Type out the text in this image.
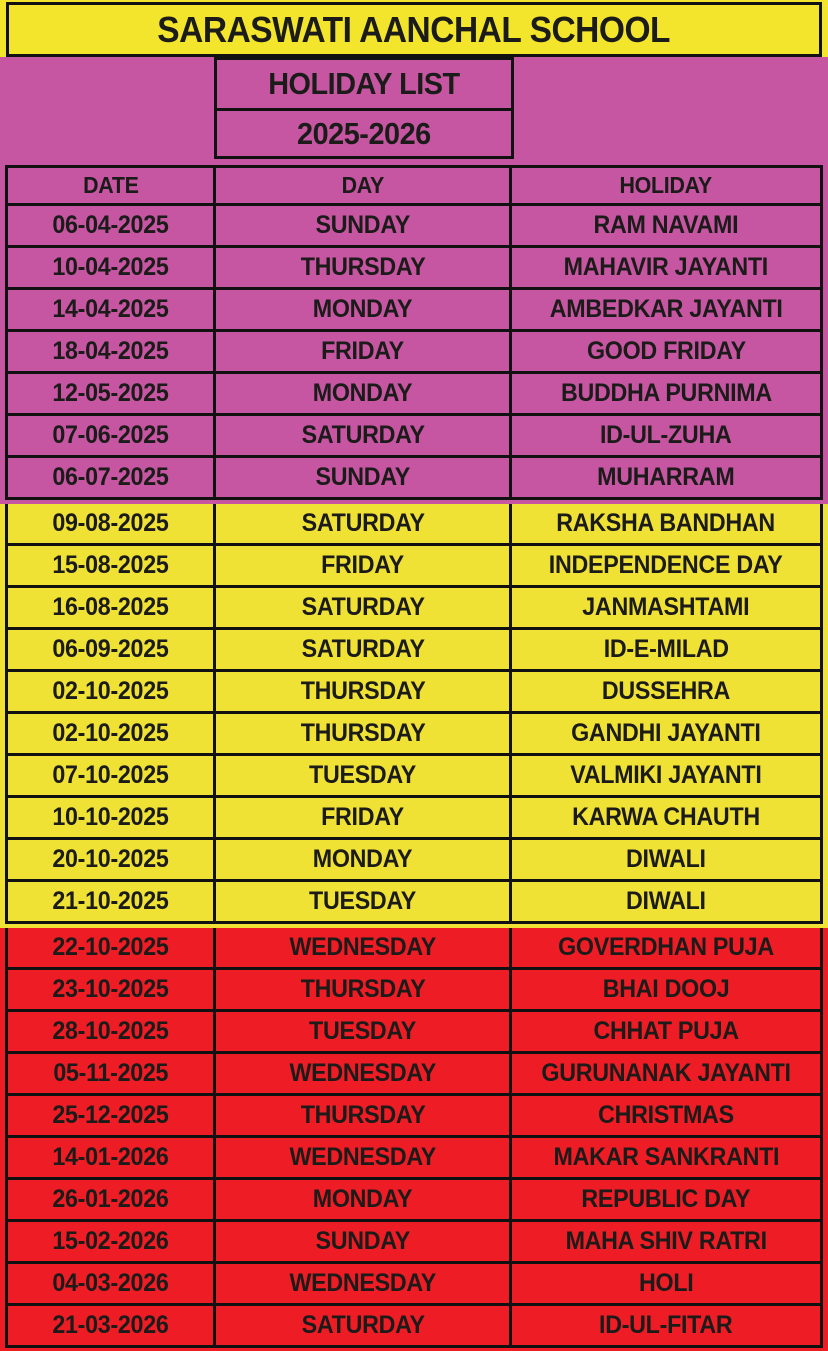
SARASWATI AANCHAL SCHOOL
HOLIDAY LIST
2025-2026
DATE	DAY	HOLIDAY
06-04-2025	SUNDAY	RAM NAVAMI
10-04-2025	THURSDAY	MAHAVIR JAYANTI
14-04-2025	MONDAY	AMBEDKAR JAYANTI
18-04-2025	FRIDAY	GOOD FRIDAY
12-05-2025	MONDAY	BUDDHA PURNIMA
07-06-2025	SATURDAY	ID-UL-ZUHA
06-07-2025	SUNDAY	MUHARRAM
09-08-2025	SATURDAY	RAKSHA BANDHAN
15-08-2025	FRIDAY	INDEPENDENCE DAY
16-08-2025	SATURDAY	JANMASHTAMI
06-09-2025	SATURDAY	ID-E-MILAD
02-10-2025	THURSDAY	DUSSEHRA
02-10-2025	THURSDAY	GANDHI JAYANTI
07-10-2025	TUESDAY	VALMIKI JAYANTI
10-10-2025	FRIDAY	KARWA CHAUTH
20-10-2025	MONDAY	DIWALI
21-10-2025	TUESDAY	DIWALI
22-10-2025	WEDNESDAY	GOVERDHAN PUJA
23-10-2025	THURSDAY	BHAI DOOJ
28-10-2025	TUESDAY	CHHAT PUJA
05-11-2025	WEDNESDAY	GURUNANAK JAYANTI
25-12-2025	THURSDAY	CHRISTMAS
14-01-2026	WEDNESDAY	MAKAR SANKRANTI
26-01-2026	MONDAY	REPUBLIC DAY
15-02-2026	SUNDAY	MAHA SHIV RATRI
04-03-2026	WEDNESDAY	HOLI
21-03-2026	SATURDAY	ID-UL-FITAR
